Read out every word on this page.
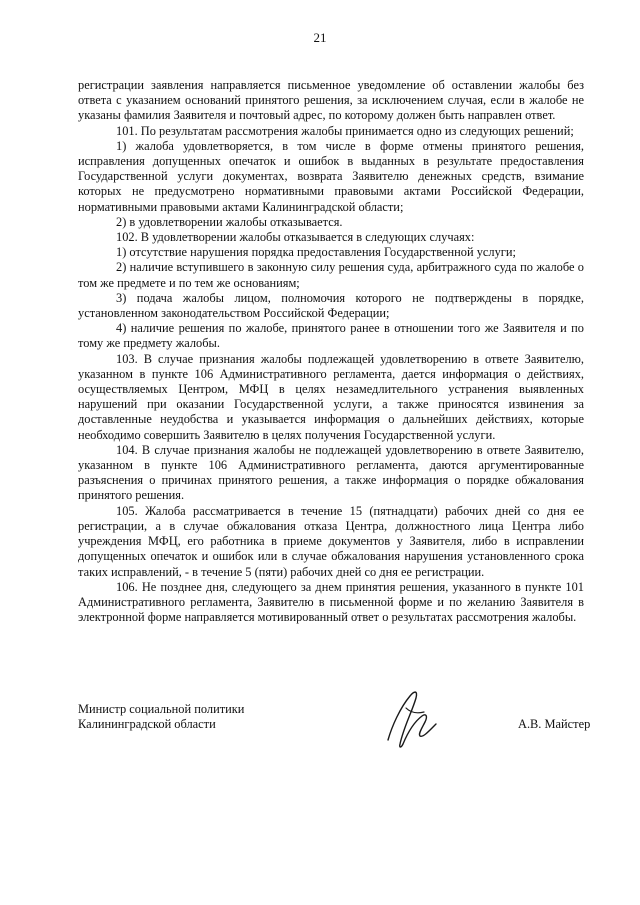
21

регистрации заявления направляется письменное уведомление об оставлении жалобы без ответа с указанием оснований принятого решения, за исключением случая, если в жалобе не указаны фамилия Заявителя и почтовый адрес, по которому должен быть направлен ответ.

101. По результатам рассмотрения жалобы принимается одно из следующих решений;

1) жалоба удовлетворяется, в том числе в форме отмены принятого решения, исправления допущенных опечаток и ошибок в выданных в результате предоставления Государственной услуги документах, возврата Заявителю денежных средств, взимание которых не предусмотрено нормативными правовыми актами Российской Федерации, нормативными правовыми актами Калининградской области;

2) в удовлетворении жалобы отказывается.

102. В удовлетворении жалобы отказывается в следующих случаях:

1) отсутствие нарушения порядка предоставления Государственной услуги;

2) наличие вступившего в законную силу решения суда, арбитражного суда по жалобе о том же предмете и по тем же основаниям;

3) подача жалобы лицом, полномочия которого не подтверждены в порядке, установленном законодательством Российской Федерации;

4) наличие решения по жалобе, принятого ранее в отношении того же Заявителя и по тому же предмету жалобы.

103. В случае признания жалобы подлежащей удовлетворению в ответе Заявителю, указанном в пункте 106 Административного регламента, дается информация о действиях, осуществляемых Центром, МФЦ в целях незамедлительного устранения выявленных нарушений при оказании Государственной услуги, а также приносятся извинения за доставленные неудобства и указывается информация о дальнейших действиях, которые необходимо совершить Заявителю в целях получения Государственной услуги.

104. В случае признания жалобы не подлежащей удовлетворению в ответе Заявителю, указанном в пункте 106 Административного регламента, даются аргументированные разъяснения о причинах принятого решения, а также информация о порядке обжалования принятого решения.

105. Жалоба рассматривается в течение 15 (пятнадцати) рабочих дней со дня ее регистрации, а в случае обжалования отказа Центра, должностного лица Центра либо учреждения МФЦ, его работника в приеме документов у Заявителя, либо в исправлении допущенных опечаток и ошибок или в случае обжалования нарушения установленного срока таких исправлений, - в течение 5 (пяти) рабочих дней со дня ее регистрации.

106. Не позднее дня, следующего за днем принятия решения, указанного в пункте 101 Административного регламента, Заявителю в письменной форме и по желанию Заявителя в электронной форме направляется мотивированный ответ о результатах рассмотрения жалобы.

Министр социальной политики
Калининградской области	А.В. Майстер
